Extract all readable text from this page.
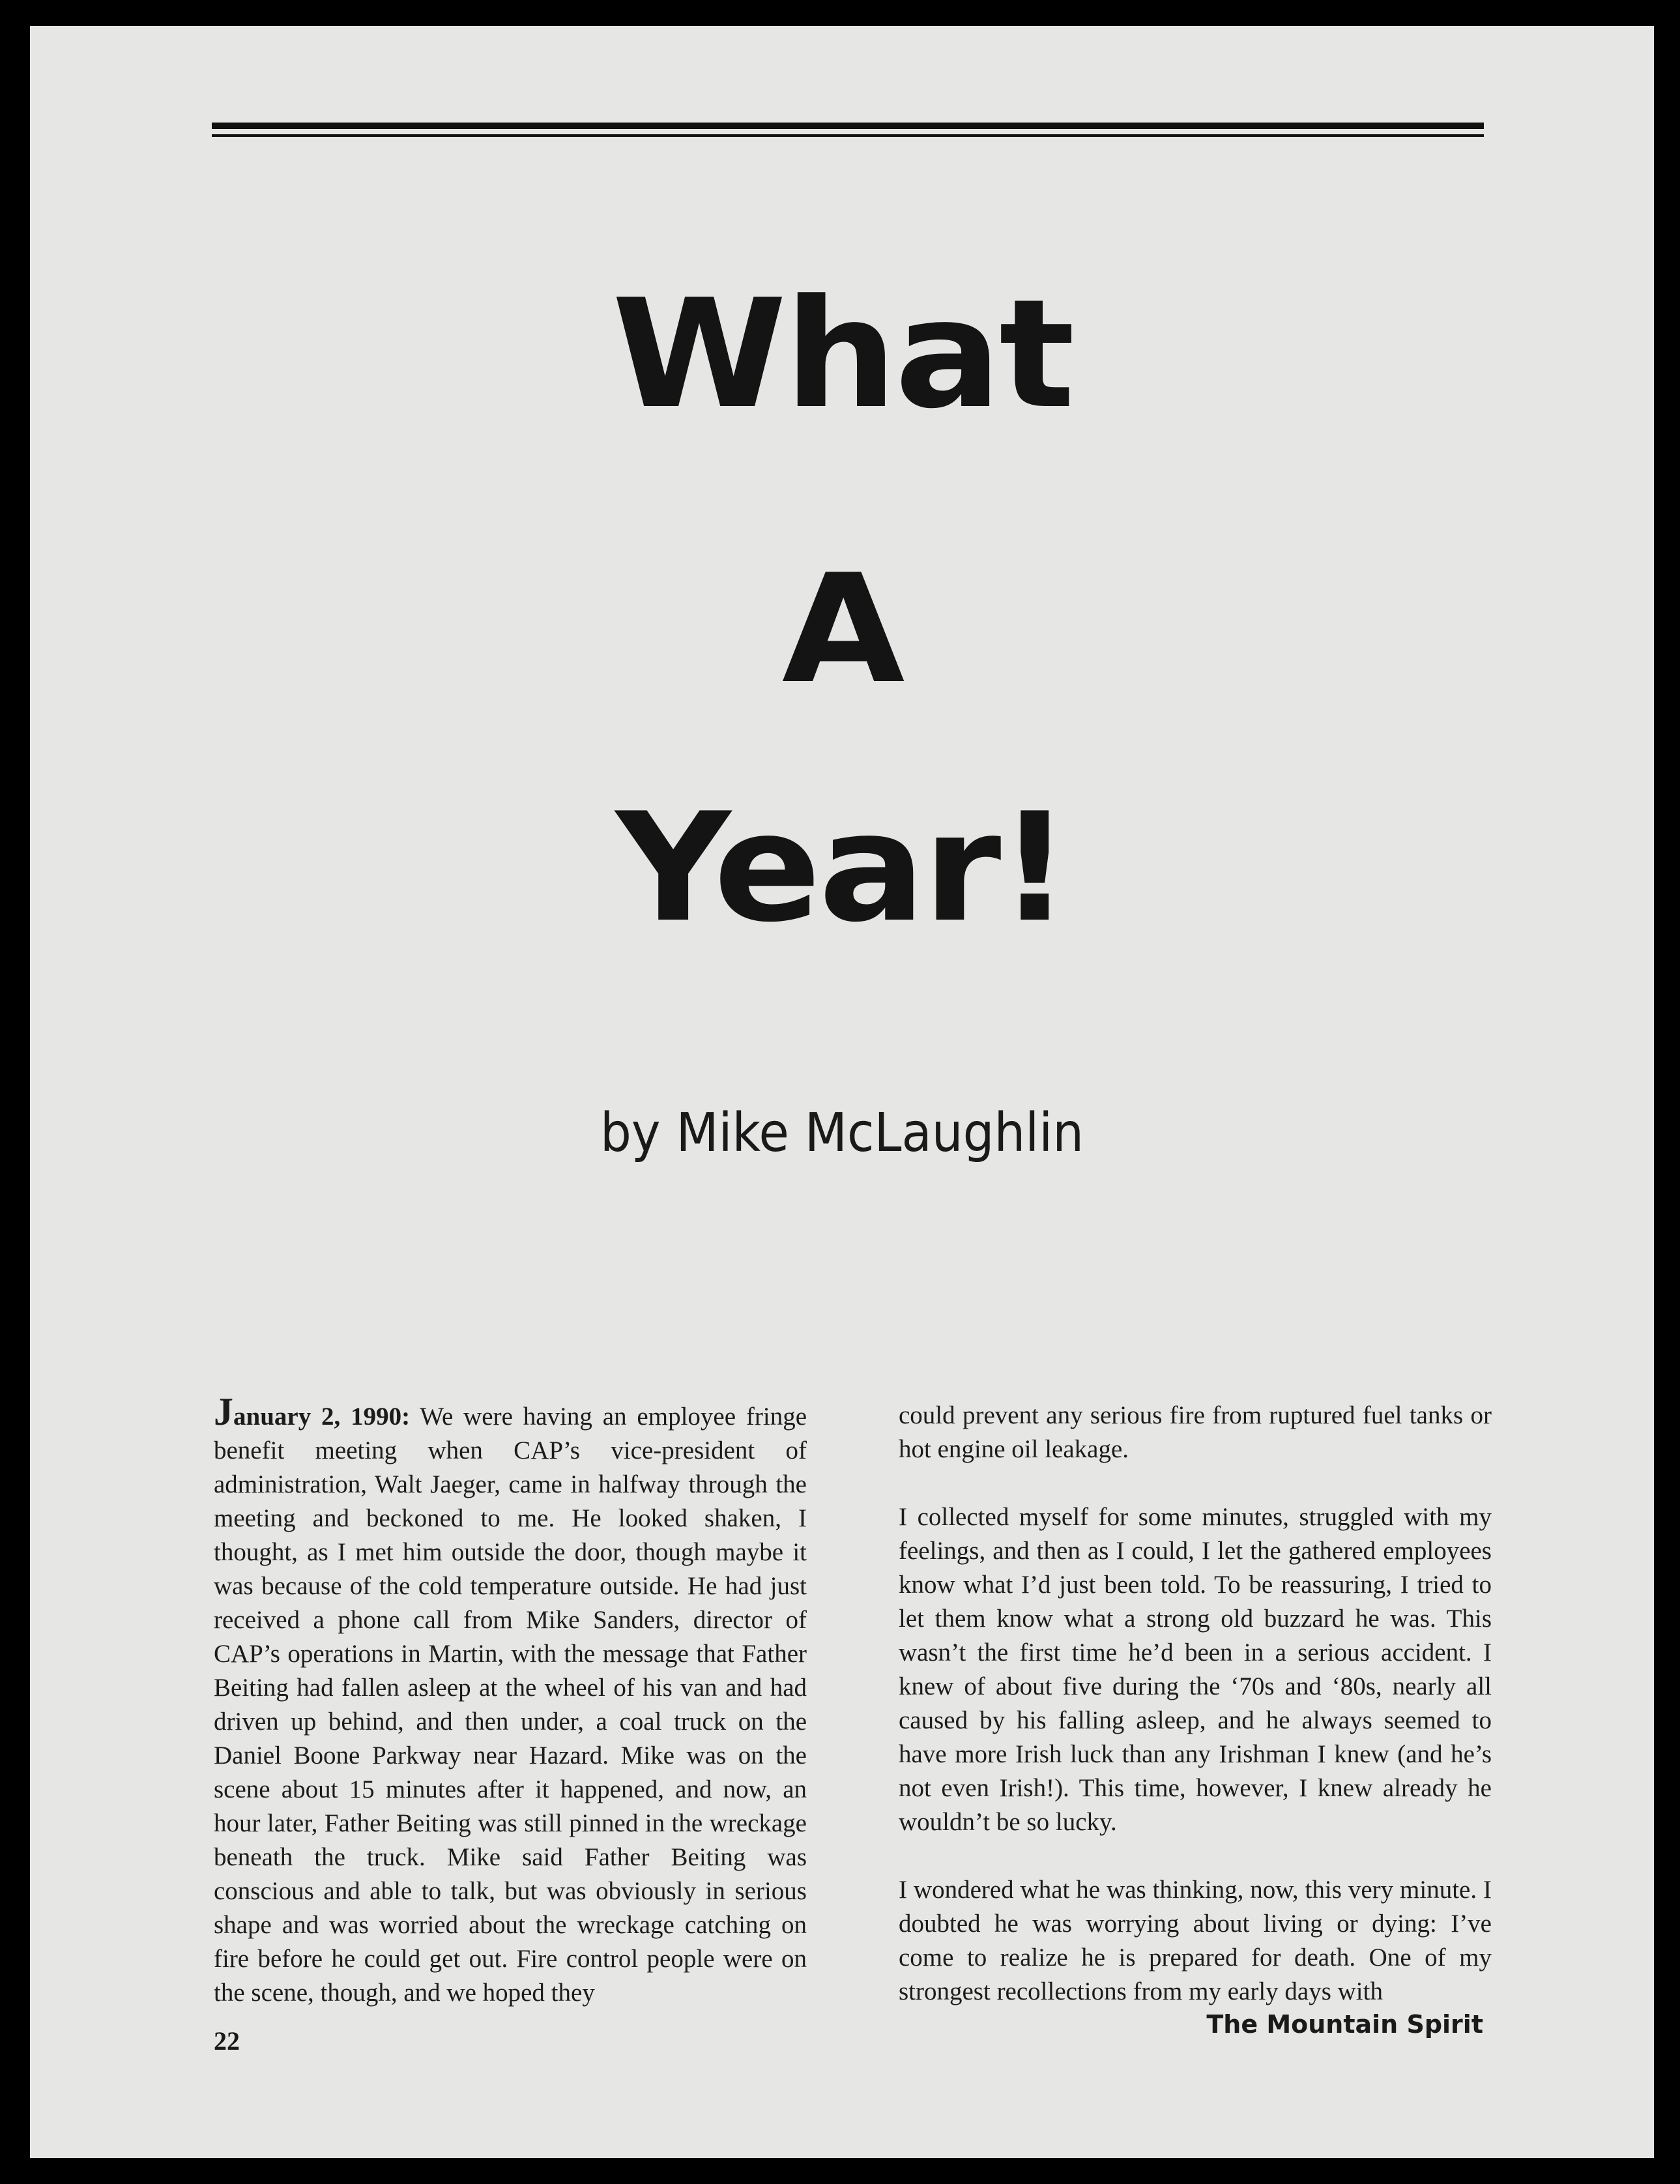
What
A
Year!
by Mike McLaughlin

January 2, 1990: We were having an employee fringe benefit meeting when CAP’s vice-president of administration, Walt Jaeger, came in halfway through the meeting and beckoned to me. He looked shaken, I thought, as I met him outside the door, though maybe it was because of the cold temperature outside. He had just received a phone call from Mike Sanders, director of CAP’s operations in Martin, with the message that Father Beiting had fallen asleep at the wheel of his van and had driven up behind, and then under, a coal truck on the Daniel Boone Parkway near Hazard. Mike was on the scene about 15 minutes after it happened, and now, an hour later, Father Beiting was still pinned in the wreckage beneath the truck. Mike said Father Beiting was conscious and able to talk, but was obviously in serious shape and was worried about the wreckage catching on fire before he could get out. Fire control people were on the scene, though, and we hoped they

could prevent any serious fire from ruptured fuel tanks or hot engine oil leakage.

I collected myself for some minutes, struggled with my feelings, and then as I could, I let the gathered employees know what I’d just been told. To be reassuring, I tried to let them know what a strong old buzzard he was. This wasn’t the first time he’d been in a serious accident. I knew of about five during the ‘70s and ‘80s, nearly all caused by his falling asleep, and he always seemed to have more Irish luck than any Irishman I knew (and he’s not even Irish!). This time, however, I knew already he wouldn’t be so lucky.

I wondered what he was thinking, now, this very minute. I doubted he was worrying about living or dying: I’ve come to realize he is prepared for death. One of my strongest recollections from my early days with

22
The Mountain Spirit
